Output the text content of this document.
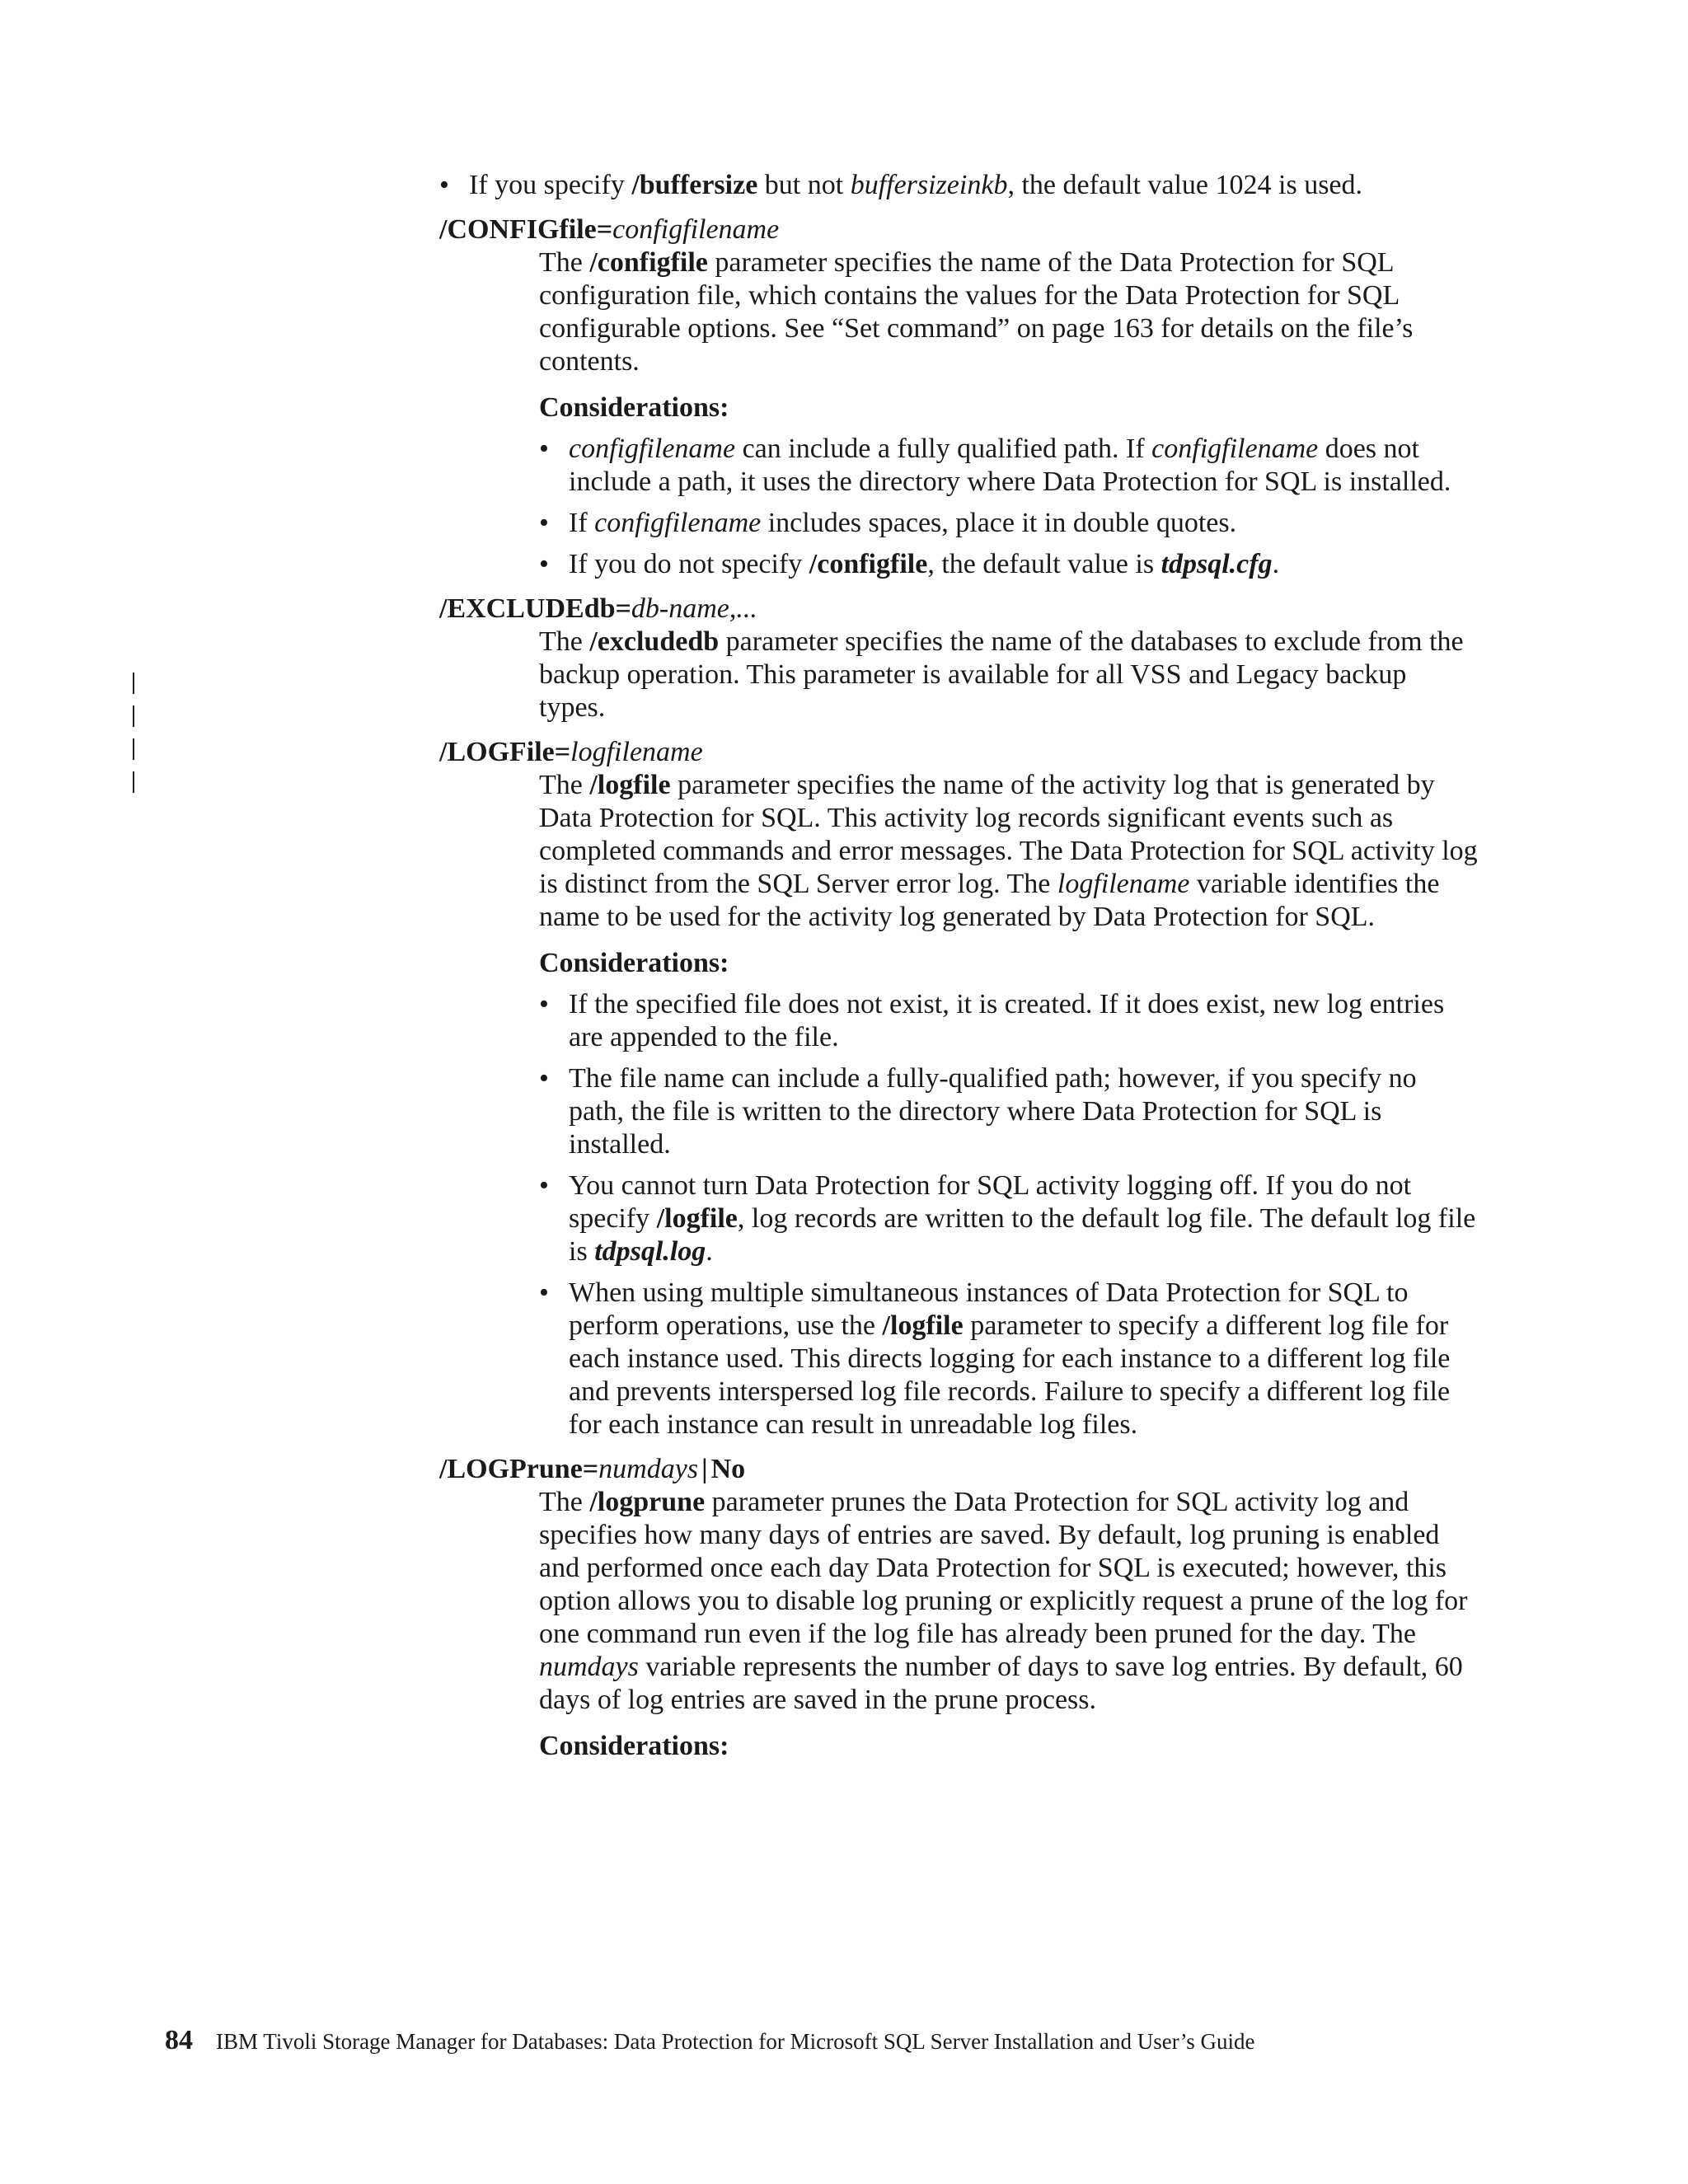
• If you specify /buffersize but not buffersizeinkb, the default value 1024 is used.

/CONFIGfile=configfilename

The /configfile parameter specifies the name of the Data Protection for SQL configuration file, which contains the values for the Data Protection for SQL configurable options. See “Set command” on page 163 for details on the file’s contents.

Considerations:

• configfilename can include a fully qualified path. If configfilename does not include a path, it uses the directory where Data Protection for SQL is installed.
• If configfilename includes spaces, place it in double quotes.
• If you do not specify /configfile, the default value is tdpsql.cfg.

/EXCLUDEdb=db-name,...

The /excludedb parameter specifies the name of the databases to exclude from the backup operation. This parameter is available for all VSS and Legacy backup types.

/LOGFile=logfilename

The /logfile parameter specifies the name of the activity log that is generated by Data Protection for SQL. This activity log records significant events such as completed commands and error messages. The Data Protection for SQL activity log is distinct from the SQL Server error log. The logfilename variable identifies the name to be used for the activity log generated by Data Protection for SQL.

Considerations:

• If the specified file does not exist, it is created. If it does exist, new log entries are appended to the file.
• The file name can include a fully-qualified path; however, if you specify no path, the file is written to the directory where Data Protection for SQL is installed.
• You cannot turn Data Protection for SQL activity logging off. If you do not specify /logfile, log records are written to the default log file. The default log file is tdpsql.log.
• When using multiple simultaneous instances of Data Protection for SQL to perform operations, use the /logfile parameter to specify a different log file for each instance used. This directs logging for each instance to a different log file and prevents interspersed log file records. Failure to specify a different log file for each instance can result in unreadable log files.

/LOGPrune=numdays | No

The /logprune parameter prunes the Data Protection for SQL activity log and specifies how many days of entries are saved. By default, log pruning is enabled and performed once each day Data Protection for SQL is executed; however, this option allows you to disable log pruning or explicitly request a prune of the log for one command run even if the log file has already been pruned for the day. The numdays variable represents the number of days to save log entries. By default, 60 days of log entries are saved in the prune process.

Considerations:

84 IBM Tivoli Storage Manager for Databases: Data Protection for Microsoft SQL Server Installation and User’s Guide
